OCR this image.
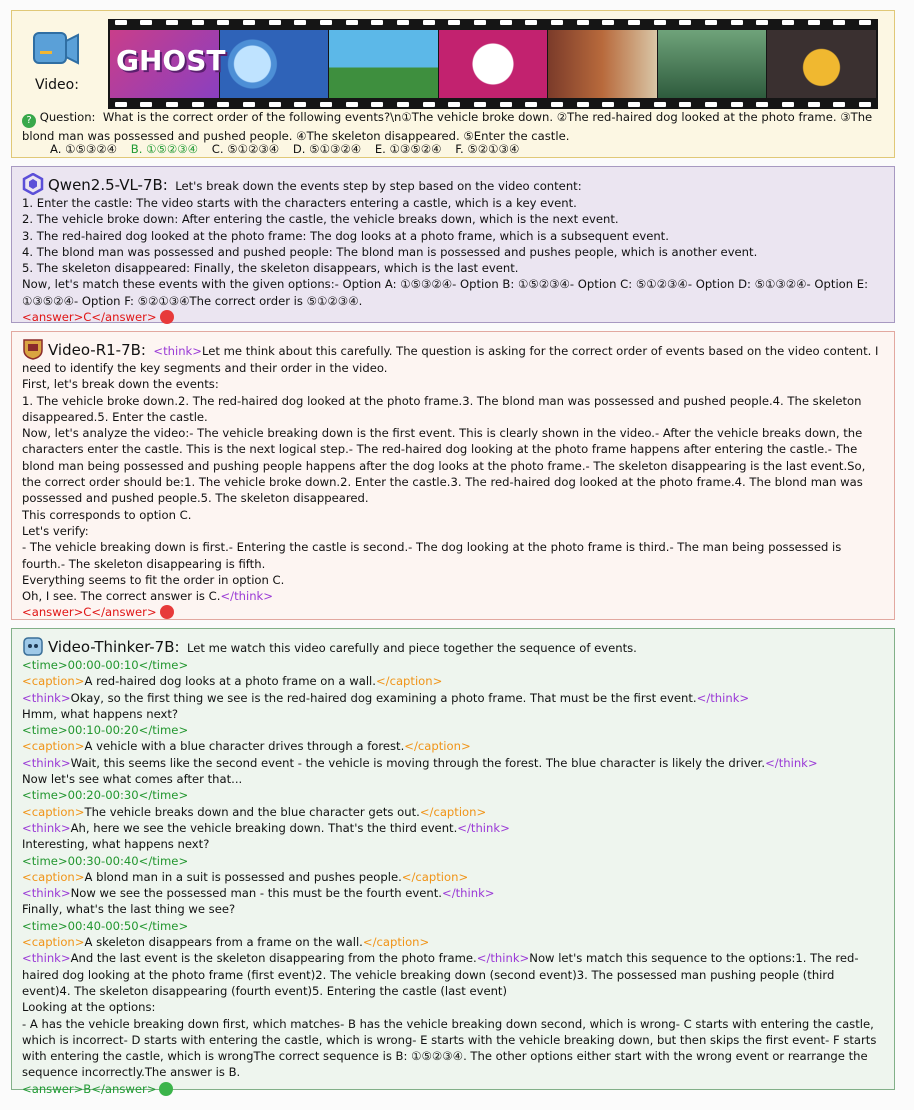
Video:
GHOST
? Question: What is the correct order of the following events?\n①The vehicle broke down. ②The red-haired dog looked at the photo frame. ③The blond man was possessed and pushed people. ④The skeleton disappeared. ⑤Enter the castle.
A. ①⑤③②④ B. ①⑤②③④ C. ⑤①②③④ D. ⑤①③②④ E. ①③⑤②④ F. ⑤②①③④
Qwen2.5-VL-7B: Let's break down the events step by step based on the video content:
1. Enter the castle: The video starts with the characters entering a castle, which is a key event.
2. The vehicle broke down: After entering the castle, the vehicle breaks down, which is the next event.
3. The red-haired dog looked at the photo frame: The dog looks at a photo frame, which is a subsequent event.
4. The blond man was possessed and pushed people: The blond man is possessed and pushes people, which is another event.
5. The skeleton disappeared: Finally, the skeleton disappears, which is the last event.
Now, let's match these events with the given options:- Option A: ①⑤③②④- Option B: ①⑤②③④- Option C: ⑤①②③④- Option D: ⑤①③②④- Option E: ①③⑤②④- Option F: ⑤②①③④The correct order is ⑤①②③④.
<answer>C</answer>
Video-R1-7B: <think>Let me think about this carefully. The question is asking for the correct order of events based on the video content. I need to identify the key segments and their order in the video.
First, let's break down the events:
1. The vehicle broke down.2. The red-haired dog looked at the photo frame.3. The blond man was possessed and pushed people.4. The skeleton disappeared.5. Enter the castle.
Now, let's analyze the video:- The vehicle breaking down is the first event. This is clearly shown in the video.- After the vehicle breaks down, the characters enter the castle. This is the next logical step.- The red-haired dog looking at the photo frame happens after entering the castle.- The blond man being possessed and pushing people happens after the dog looks at the photo frame.- The skeleton disappearing is the last event.So, the correct order should be:1. The vehicle broke down.2. Enter the castle.3. The red-haired dog looked at the photo frame.4. The blond man was possessed and pushed people.5. The skeleton disappeared.
This corresponds to option C.
Let's verify:
- The vehicle breaking down is first.- Entering the castle is second.- The dog looking at the photo frame is third.- The man being possessed is fourth.- The skeleton disappearing is fifth.
Everything seems to fit the order in option C.
Oh, I see. The correct answer is C.</think>
<answer>C</answer>
Video-Thinker-7B: Let me watch this video carefully and piece together the sequence of events.
<time>00:00-00:10</time>
<caption>A red-haired dog looks at a photo frame on a wall.</caption>
<think>Okay, so the first thing we see is the red-haired dog examining a photo frame. That must be the first event.</think>
Hmm, what happens next?
<time>00:10-00:20</time>
<caption>A vehicle with a blue character drives through a forest.</caption>
<think>Wait, this seems like the second event - the vehicle is moving through the forest. The blue character is likely the driver.</think>
Now let's see what comes after that...
<time>00:20-00:30</time>
<caption>The vehicle breaks down and the blue character gets out.</caption>
<think>Ah, here we see the vehicle breaking down. That's the third event.</think>
Interesting, what happens next?
<time>00:30-00:40</time>
<caption>A blond man in a suit is possessed and pushes people.</caption>
<think>Now we see the possessed man - this must be the fourth event.</think>
Finally, what's the last thing we see?
<time>00:40-00:50</time>
<caption>A skeleton disappears from a frame on the wall.</caption>
<think>And the last event is the skeleton disappearing from the photo frame.</think>Now let's match this sequence to the options:1. The red-haired dog looking at the photo frame (first event)2. The vehicle breaking down (second event)3. The possessed man pushing people (third event)4. The skeleton disappearing (fourth event)5. Entering the castle (last event)
Looking at the options:
- A has the vehicle breaking down first, which matches- B has the vehicle breaking down second, which is wrong- C starts with entering the castle, which is incorrect- D starts with entering the castle, which is wrong- E starts with the vehicle breaking down, but then skips the first event- F starts with entering the castle, which is wrongThe correct sequence is B: ①⑤②③④. The other options either start with the wrong event or rearrange the sequence incorrectly.The answer is B.
<answer>B</answer>
